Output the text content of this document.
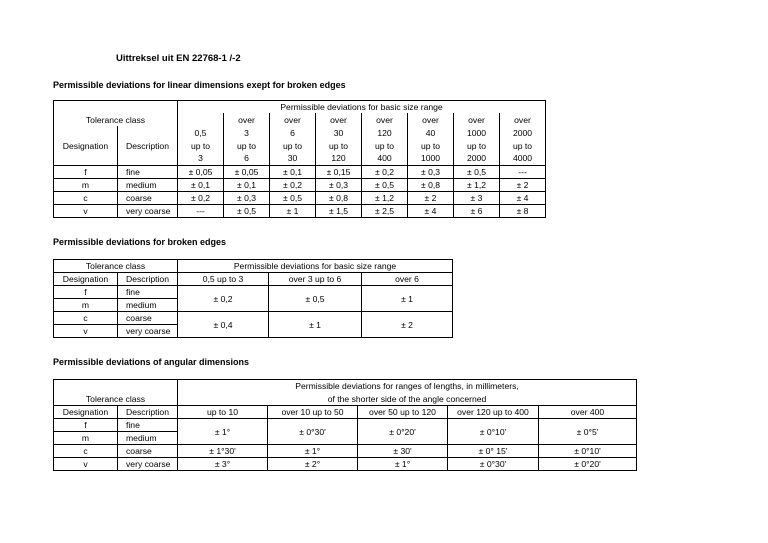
Uittreksel uit EN 22768-1 /-2
Permissible deviations for linear dimensions exept for broken edges
		Permissible deviations for basic size range							
Tolerance class			over	over	over	over	over	over	over
		0,5	3	6	30	120	40	1000	2000
Designation	Description	up to	up to	up to	up to	up to	up to	up to	up to
		3	6	30	120	400	1000	2000	4000
f	fine	± 0,05	± 0,05	± 0,1	± 0,15	± 0,2	± 0,3	± 0,5	---
m	medium	± 0,1	± 0,1	± 0,2	± 0,3	± 0,5	± 0,8	± 1,2	± 2
c	coarse	± 0,2	± 0,3	± 0,5	± 0,8	± 1,2	± 2	± 3	± 4
v	very coarse	---	± 0,5	± 1	± 1,5	± 2,5	± 4	± 6	± 8
Permissible deviations for broken edges
Tolerance class		Permissible deviations for basic size range		
Designation	Description	0,5 up to 3	over 3 up to 6	over 6
f	fine	± 0,2	± 0,5	± 1
m	medium			
c	coarse	± 0,4	± 1	± 2
v	very coarse			
Permissible deviations of angular dimensions
		Permissible deviations for ranges of lengths, in millimeters,				
Tolerance class		of the shorter side of the angle concerned				
Designation	Description	up to 10	over 10 up to 50	over 50 up to 120	over 120 up to 400	over 400
f	fine	± 1°	± 0°30'	± 0°20'	± 0°10'	± 0°5'
m	medium					
c	coarse	± 1°30'	± 1°	± 30'	± 0° 15'	± 0°10'
v	very coarse	± 3°	± 2°	± 1°	± 0°30'	± 0°20'
